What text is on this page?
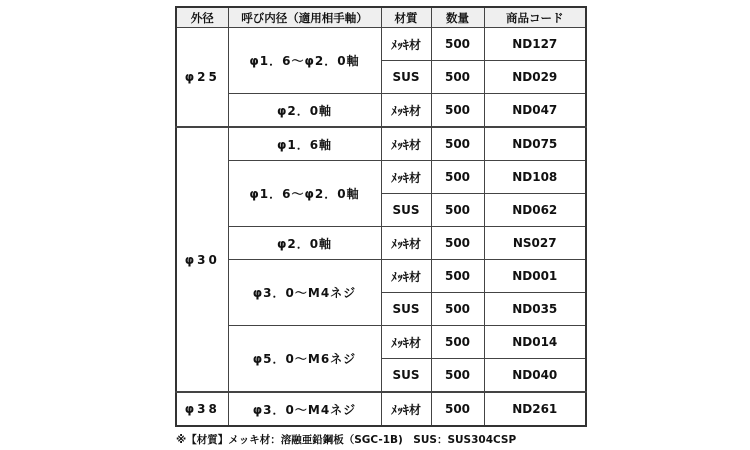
外径	呼び内径（適用相手軸）	材質	数量	商品コード
φ25	φ1．6～φ2．0軸	ﾒｯｷ材	500	ND127
		SUS	500	ND029
	φ2．0軸	ﾒｯｷ材	500	ND047
φ30	φ1．6軸	ﾒｯｷ材	500	ND075
	φ1．6～φ2．0軸	ﾒｯｷ材	500	ND108
		SUS	500	ND062
	φ2．0軸	ﾒｯｷ材	500	NS027
	φ3．0～M4ネジ	ﾒｯｷ材	500	ND001
		SUS	500	ND035
	φ5．0～M6ネジ	ﾒｯｷ材	500	ND014
		SUS	500	ND040
φ38	φ3．0～M4ネジ	ﾒｯｷ材	500	ND261
※【材質】メッキ材：溶融亜鉛鋼板（SGC-1B)　SUS：SUS304CSP
